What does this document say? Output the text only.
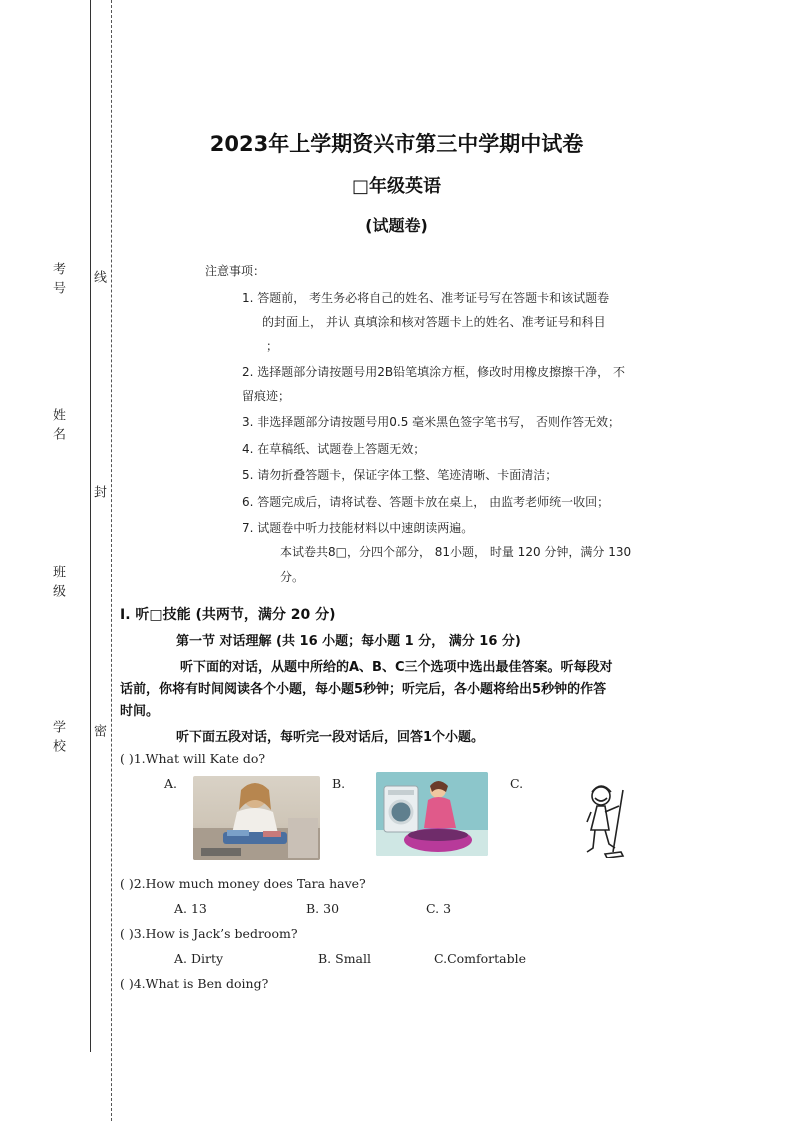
考号
姓名
班级
学校
线
封
密
2023年上学期资兴市第三中学期中试卷
□年级英语
(试题卷)
注意事项：
1. 答题前， 考生务必将自己的姓名、准考证号写在答题卡和该试题卷
的封面上， 并认 真填涂和核对答题卡上的姓名、准考证号和科目
；
2. 选择题部分请按题号用2B铅笔填涂方框，修改时用橡皮擦擦干净， 不
留痕迹；
3. 非选择题部分请按题号用0.5 毫米黑色签字笔书写， 否则作答无效；
4. 在草稿纸、试题卷上答题无效；
5. 请勿折叠答题卡，保证字体工整、笔迹清晰、卡面清洁；
6. 答题完成后，请将试卷、答题卡放在桌上， 由监考老师统一收回；
7. 试题卷中听力技能材料以中速朗读两遍。
本试卷共8□，分四个部分， 81小题， 时量 120 分钟，满分 130
分。
Ⅰ. 听□技能 (共两节，满分 20 分)
第一节 对话理解 (共 16 小题；每小题 1 分， 满分 16 分)
听下面的对话，从题中所给的A、B、C三个选项中选出最佳答案。听每段对
话前，你将有时间阅读各个小题，每小题5秒钟；听完后，各小题将给出5秒钟的作答
时间。
听下面五段对话，每听完一段对话后，回答1个小题。
( )1.What will Kate do?
A.	B.	C.
( )2.How much money does Tara have?
A. 13	B. 30	C. 3
( )3.How is Jack’s bedroom?
A. Dirty	B. Small	C.Comfortable
( )4.What is Ben doing?
